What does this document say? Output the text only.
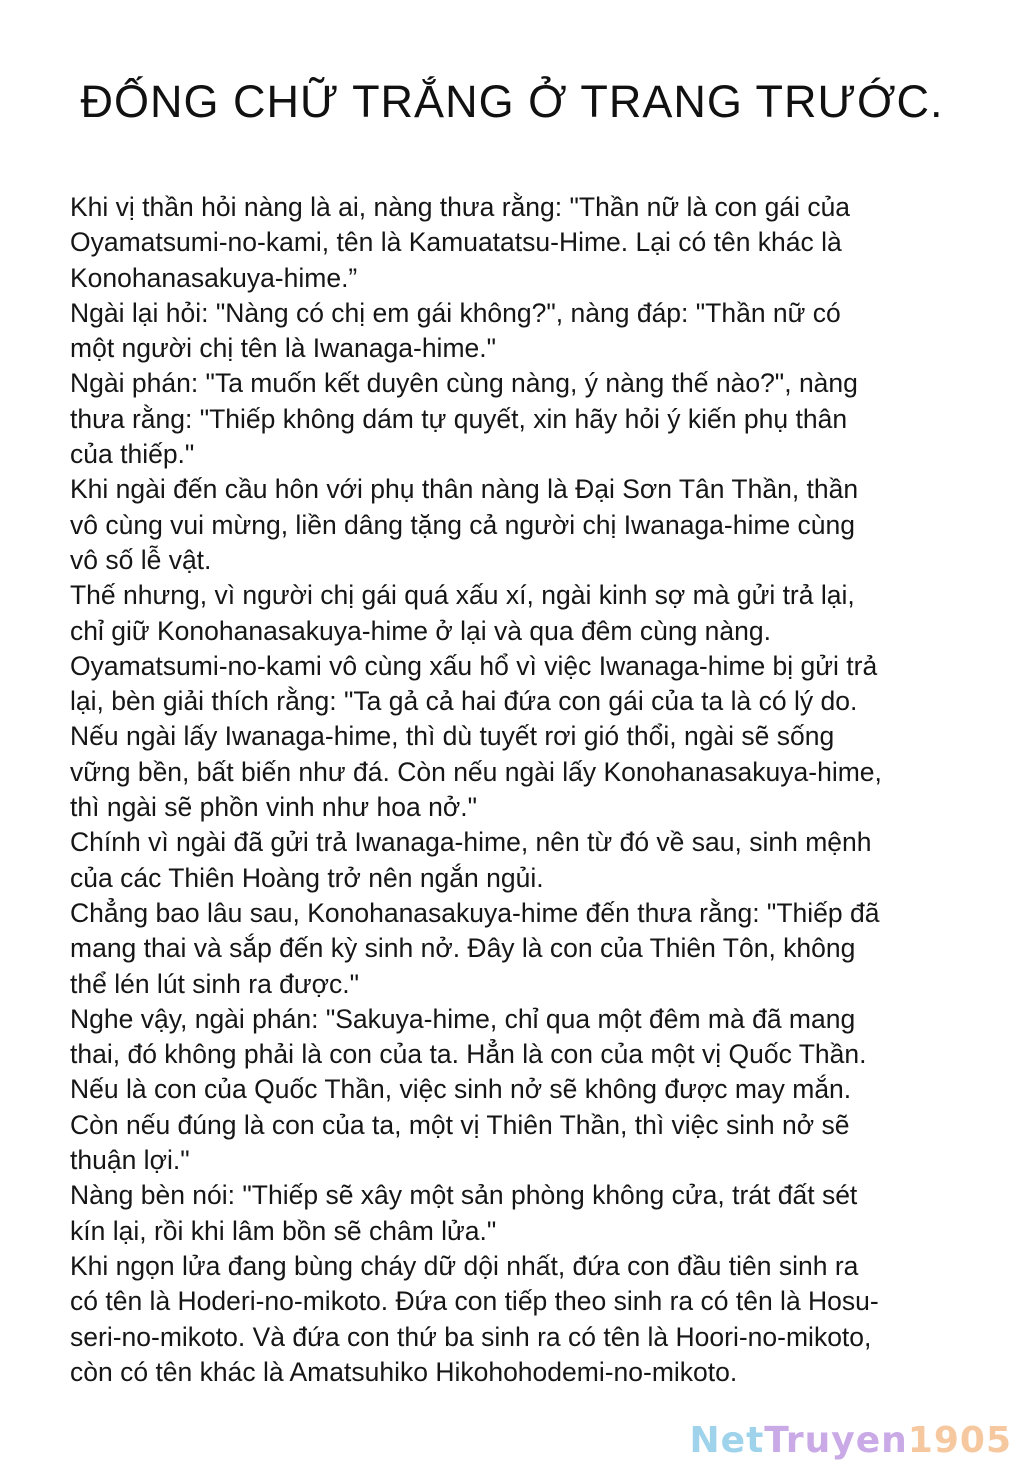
ĐỐNG CHỮ TRẮNG Ở TRANG TRƯỚC.
Khi vị thần hỏi nàng là ai, nàng thưa rằng: "Thần nữ là con gái của
Oyamatsumi-no-kami, tên là Kamuatatsu-Hime. Lại có tên khác là
Konohanasakuya-hime.”
Ngài lại hỏi: "Nàng có chị em gái không?", nàng đáp: "Thần nữ có
một người chị tên là Iwanaga-hime."
Ngài phán: "Ta muốn kết duyên cùng nàng, ý nàng thế nào?", nàng
thưa rằng: "Thiếp không dám tự quyết, xin hãy hỏi ý kiến phụ thân
của thiếp."
Khi ngài đến cầu hôn với phụ thân nàng là Đại Sơn Tân Thần, thần
vô cùng vui mừng, liền dâng tặng cả người chị Iwanaga-hime cùng
vô số lễ vật.
Thế nhưng, vì người chị gái quá xấu xí, ngài kinh sợ mà gửi trả lại,
chỉ giữ Konohanasakuya-hime ở lại và qua đêm cùng nàng.
Oyamatsumi-no-kami vô cùng xấu hổ vì việc Iwanaga-hime bị gửi trả
lại, bèn giải thích rằng: "Ta gả cả hai đứa con gái của ta là có lý do.
Nếu ngài lấy Iwanaga-hime, thì dù tuyết rơi gió thổi, ngài sẽ sống
vững bền, bất biến như đá. Còn nếu ngài lấy Konohanasakuya-hime,
thì ngài sẽ phồn vinh như hoa nở."
Chính vì ngài đã gửi trả Iwanaga-hime, nên từ đó về sau, sinh mệnh
của các Thiên Hoàng trở nên ngắn ngủi.
Chẳng bao lâu sau, Konohanasakuya-hime đến thưa rằng: "Thiếp đã
mang thai và sắp đến kỳ sinh nở. Đây là con của Thiên Tôn, không
thể lén lút sinh ra được."
Nghe vậy, ngài phán: "Sakuya-hime, chỉ qua một đêm mà đã mang
thai, đó không phải là con của ta. Hẳn là con của một vị Quốc Thần.
Nếu là con của Quốc Thần, việc sinh nở sẽ không được may mắn.
Còn nếu đúng là con của ta, một vị Thiên Thần, thì việc sinh nở sẽ
thuận lợi."
Nàng bèn nói: "Thiếp sẽ xây một sản phòng không cửa, trát đất sét
kín lại, rồi khi lâm bồn sẽ châm lửa."
Khi ngọn lửa đang bùng cháy dữ dội nhất, đứa con đầu tiên sinh ra
có tên là Hoderi-no-mikoto. Đứa con tiếp theo sinh ra có tên là Hosu-
seri-no-mikoto. Và đứa con thứ ba sinh ra có tên là Hoori-no-mikoto,
còn có tên khác là Amatsuhiko Hikohohodemi-no-mikoto.
NetTruyen1905
